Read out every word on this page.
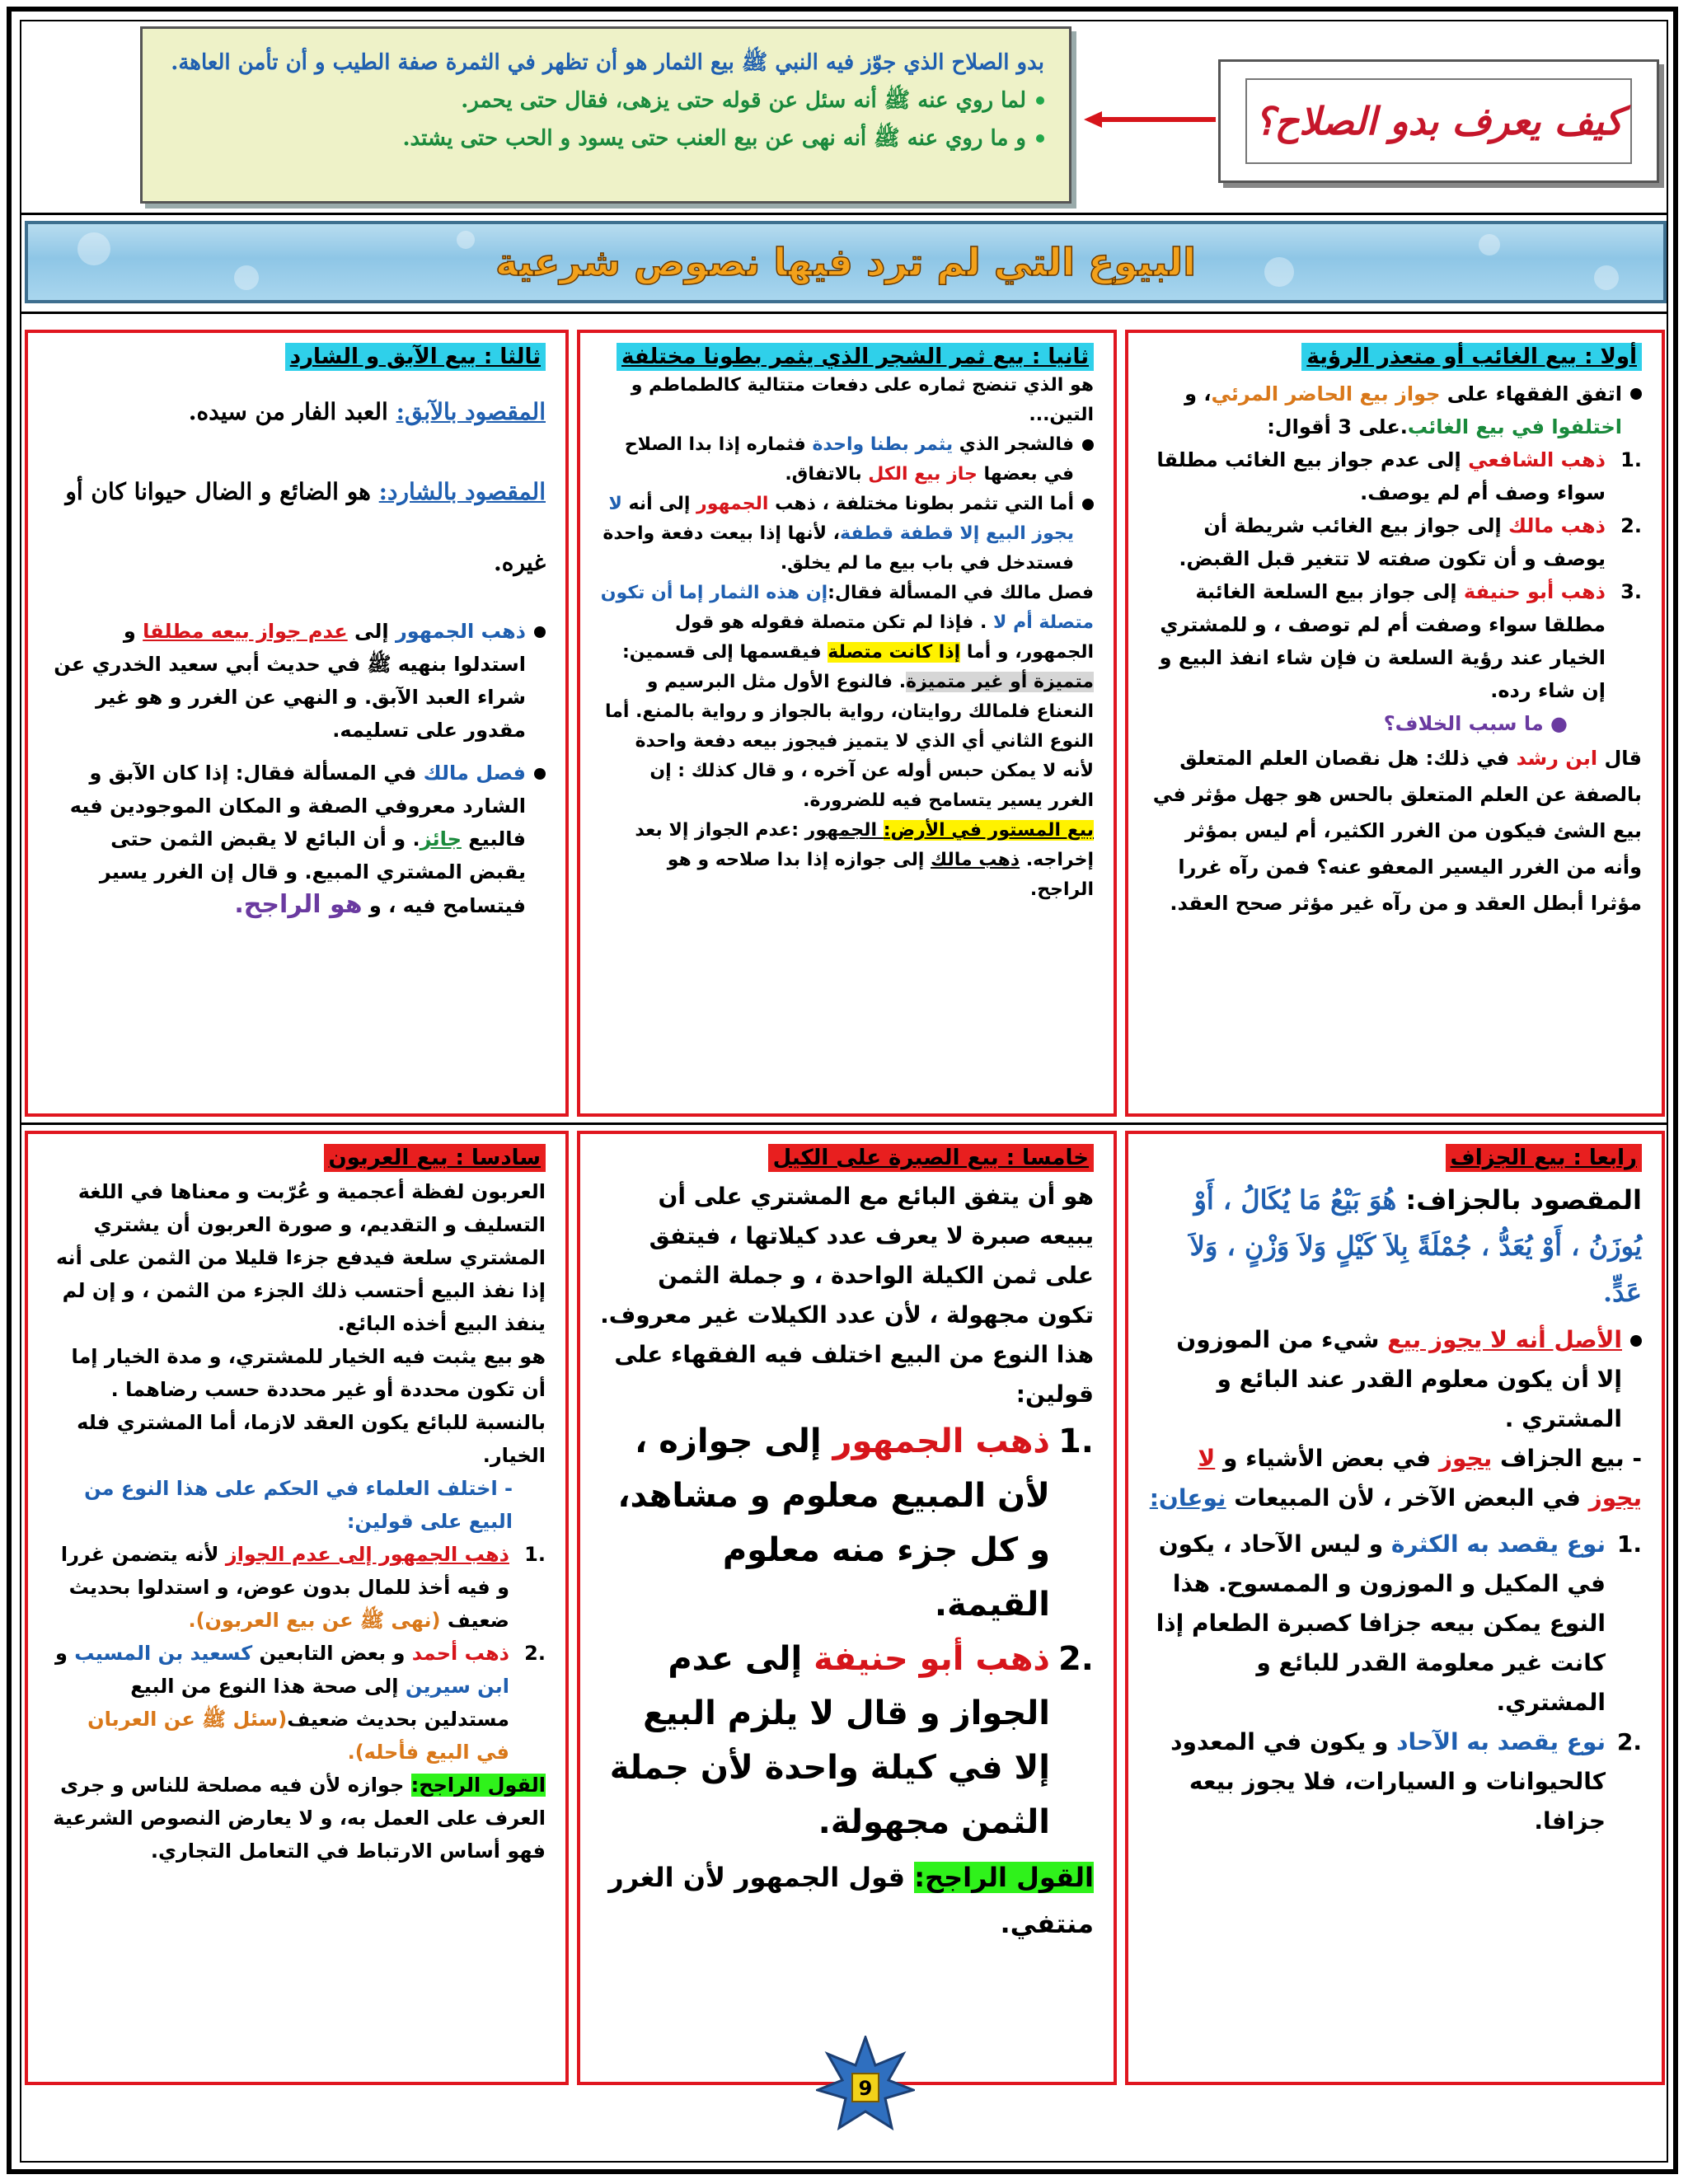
بدو الصلاح الذي جوّز فيه النبي ﷺ بيع الثمار هو أن تظهر في الثمرة صفة الطيب و أن تأمن العاهة.
لما روي عنه ﷺ أنه سئل عن قوله حتى يزهى، فقال حتى يحمر.
و ما روي عنه ﷺ أنه نهى عن بيع العنب حتى يسود و الحب حتى يشتد.	كيف يعرف بدو الصلاح؟
البيوع التي لم ترد فيها نصوص شرعية
أولا : بيع الغائب أو متعذر الرؤية
اتفق الفقهاء على جواز بيع الحاضر المرئي، و اختلفوا في بيع الغائب.على 3 أقوال:
.1
ذهب الشافعي إلى عدم جواز بيع الغائب مطلقا سواء وصف أم لم يوصف.
.2
ذهب مالك إلى جواز بيع الغائب شريطة أن يوصف و أن تكون صفته لا تتغير قبل القبض.
.3
ذهب أبو حنيفة إلى جواز بيع السلعة الغائبة مطلقا سواء وصفت أم لم توصف ، و للمشتري الخيار عند رؤية السلعة ن فإن شاء انفذ البيع و إن شاء رده.
● ما سبب الخلاف؟
قال ابن رشد في ذلك: هل نقصان العلم المتعلق بالصفة عن العلم المتعلق بالحس هو جهل مؤثر في بيع الشئ فيكون من الغرر الكثير، أم ليس بمؤثر وأنه من الغرر اليسير المعفو عنه؟ فمن رآه غررا مؤثرا أبطل العقد و من رآه غير مؤثر صحح العقد.
ثانيا : بيع ثمر الشجر الذي يثمر بطونا مختلفة
هو الذي تنضج ثماره على دفعات متتالية كالطماطم و التين...
فالشجر الذي يثمر بطنا واحدة فثماره إذا بدا الصلاح في بعضها جاز بيع الكل بالاتفاق.
أما التي تثمر بطونا مختلفة ، ذهب الجمهور إلى أنه لا يجوز البيع إلا قطفة قطفة، لأنها إذا بيعت دفعة واحدة فستدخل في باب بيع ما لم يخلق.
فصل مالك في المسألة فقال:إن هذه الثمار إما أن تكون متصلة أم لا . فإذا لم تكن متصلة فقوله هو قول الجمهور، و أما إذا كانت متصلة فيقسمها إلى قسمين: متميزة أو غير متميزة. فالنوع الأول مثل البرسيم و النعناع فلمالك روايتان، رواية بالجواز و رواية بالمنع. أما النوع الثاني أي الذي لا يتميز فيجوز بيعه دفعة واحدة لأنه لا يمكن حبس أوله عن آخره ، و قال كذلك : إن الغرر يسير يتسامح فيه للضرورة.
بيع المستور في الأرض: الجمهور :عدم الجواز إلا بعد إخراجه. ذهب مالك إلى جوازه إذا بدا صلاحه و هو الراجح.
ثالثا : بيع الآبق و الشارد
المقصود بالآبق: العبد الفار من سيده.
المقصود بالشارد: هو الضائع و الضال حيوانا كان أو غيره.
ذهب الجمهور إلى عدم جواز بيعه مطلقا و استدلوا بنهيه ﷺ في حديث أبي سعيد الخدري عن شراء العبد الآبق. و النهي عن الغرر و هو غير مقدور على تسليمه.
فصل مالك في المسألة فقال: إذا كان الآبق و الشارد معروفي الصفة و المكان الموجودين فيه فالبيع جائز. و أن البائع لا يقبض الثمن حتى يقبض المشتري المبيع. و قال إن الغرر يسير فيتسامح فيه ، و هو الراجح.
رابعا : بيع الجزاف
المقصود بالجزاف: هُوَ بَيْعُ مَا يُكَالُ ، أَوْ يُوزَنُ ، أَوْ يُعَدُّ ، جُمْلَةً بِلاَ كَيْلٍ وَلاَ وَزْنٍ ، وَلاَ عَدٍّ.
الأصل أنه لا يجوز بيع شيء من الموزون إلا أن يكون معلوم القدر عند البائع و المشتري .
- بيع الجزاف يجوز في بعض الأشياء و لا يجوز في البعض الآخر ، لأن المبيعات نوعان:
.1
نوع يقصد به الكثرة و ليس الآحاد ، يكون في المكيل و الموزون و الممسوح. هذا النوع يمكن بيعه جزافا كصبرة الطعام إذا كانت غير معلومة القدر للبائع و المشتري.
.2
نوع يقصد به الآحاد و يكون في المعدود كالحيوانات و السيارات، فلا يجوز بيعه جزافا.
خامسا : بيع الصبرة على الكيل
هو أن يتفق البائع مع المشتري على أن يبيعه صبرة لا يعرف عدد كيلاتها ، فيتفق على ثمن الكيلة الواحدة ، و جملة الثمن تكون مجهولة ، لأن عدد الكيلات غير معروف. هذا النوع من البيع اختلف فيه الفقهاء على قولين:
.1
ذهب الجمهور إلى جوازه ، لأن المبيع معلوم و مشاهد، و كل جزء منه معلوم القيمة.
.2
ذهب أبو حنيفة إلى عدم الجواز و قال لا يلزم البيع إلا في كيلة واحدة لأن جملة الثمن مجهولة.
القول الراجح: قول الجمهور لأن الغرر منتفي.
سادسا : بيع العربون
العربون لفظة أعجمية و عُرّبت و معناها في اللغة التسليف و التقديم، و صورة العربون أن يشتري المشتري سلعة فيدفع جزءا قليلا من الثمن على أنه إذا نفذ البيع أحتسب ذلك الجزء من الثمن ، و إن لم ينفذ البيع أخذه البائع.
هو بيع يثبت فيه الخيار للمشتري، و مدة الخيار إما أن تكون محددة أو غير محددة حسب رضاهما . بالنسبة للبائع يكون العقد لازما، أما المشتري فله الخيار.
- اختلف العلماء في الحكم على هذا النوع من البيع على قولين:
.1
ذهب الجمهور إلى عدم الجواز لأنه يتضمن غررا و فيه أخذ للمال بدون عوض، و استدلوا بحديث ضعيف (نهى ﷺ عن بيع العربون).
.2
ذهب أحمد و بعض التابعين كسعيد بن المسيب و ابن سيرين إلى صحة هذا النوع من البيع مستدلين بحديث ضعيف(سئل ﷺ عن العربان في البيع فأحله).
القول الراجح: جوازه لأن فيه مصلحة للناس و جرى العرف على العمل به، و لا يعارض النصوص الشرعية فهو أساس الارتباط في التعامل التجاري.
9
